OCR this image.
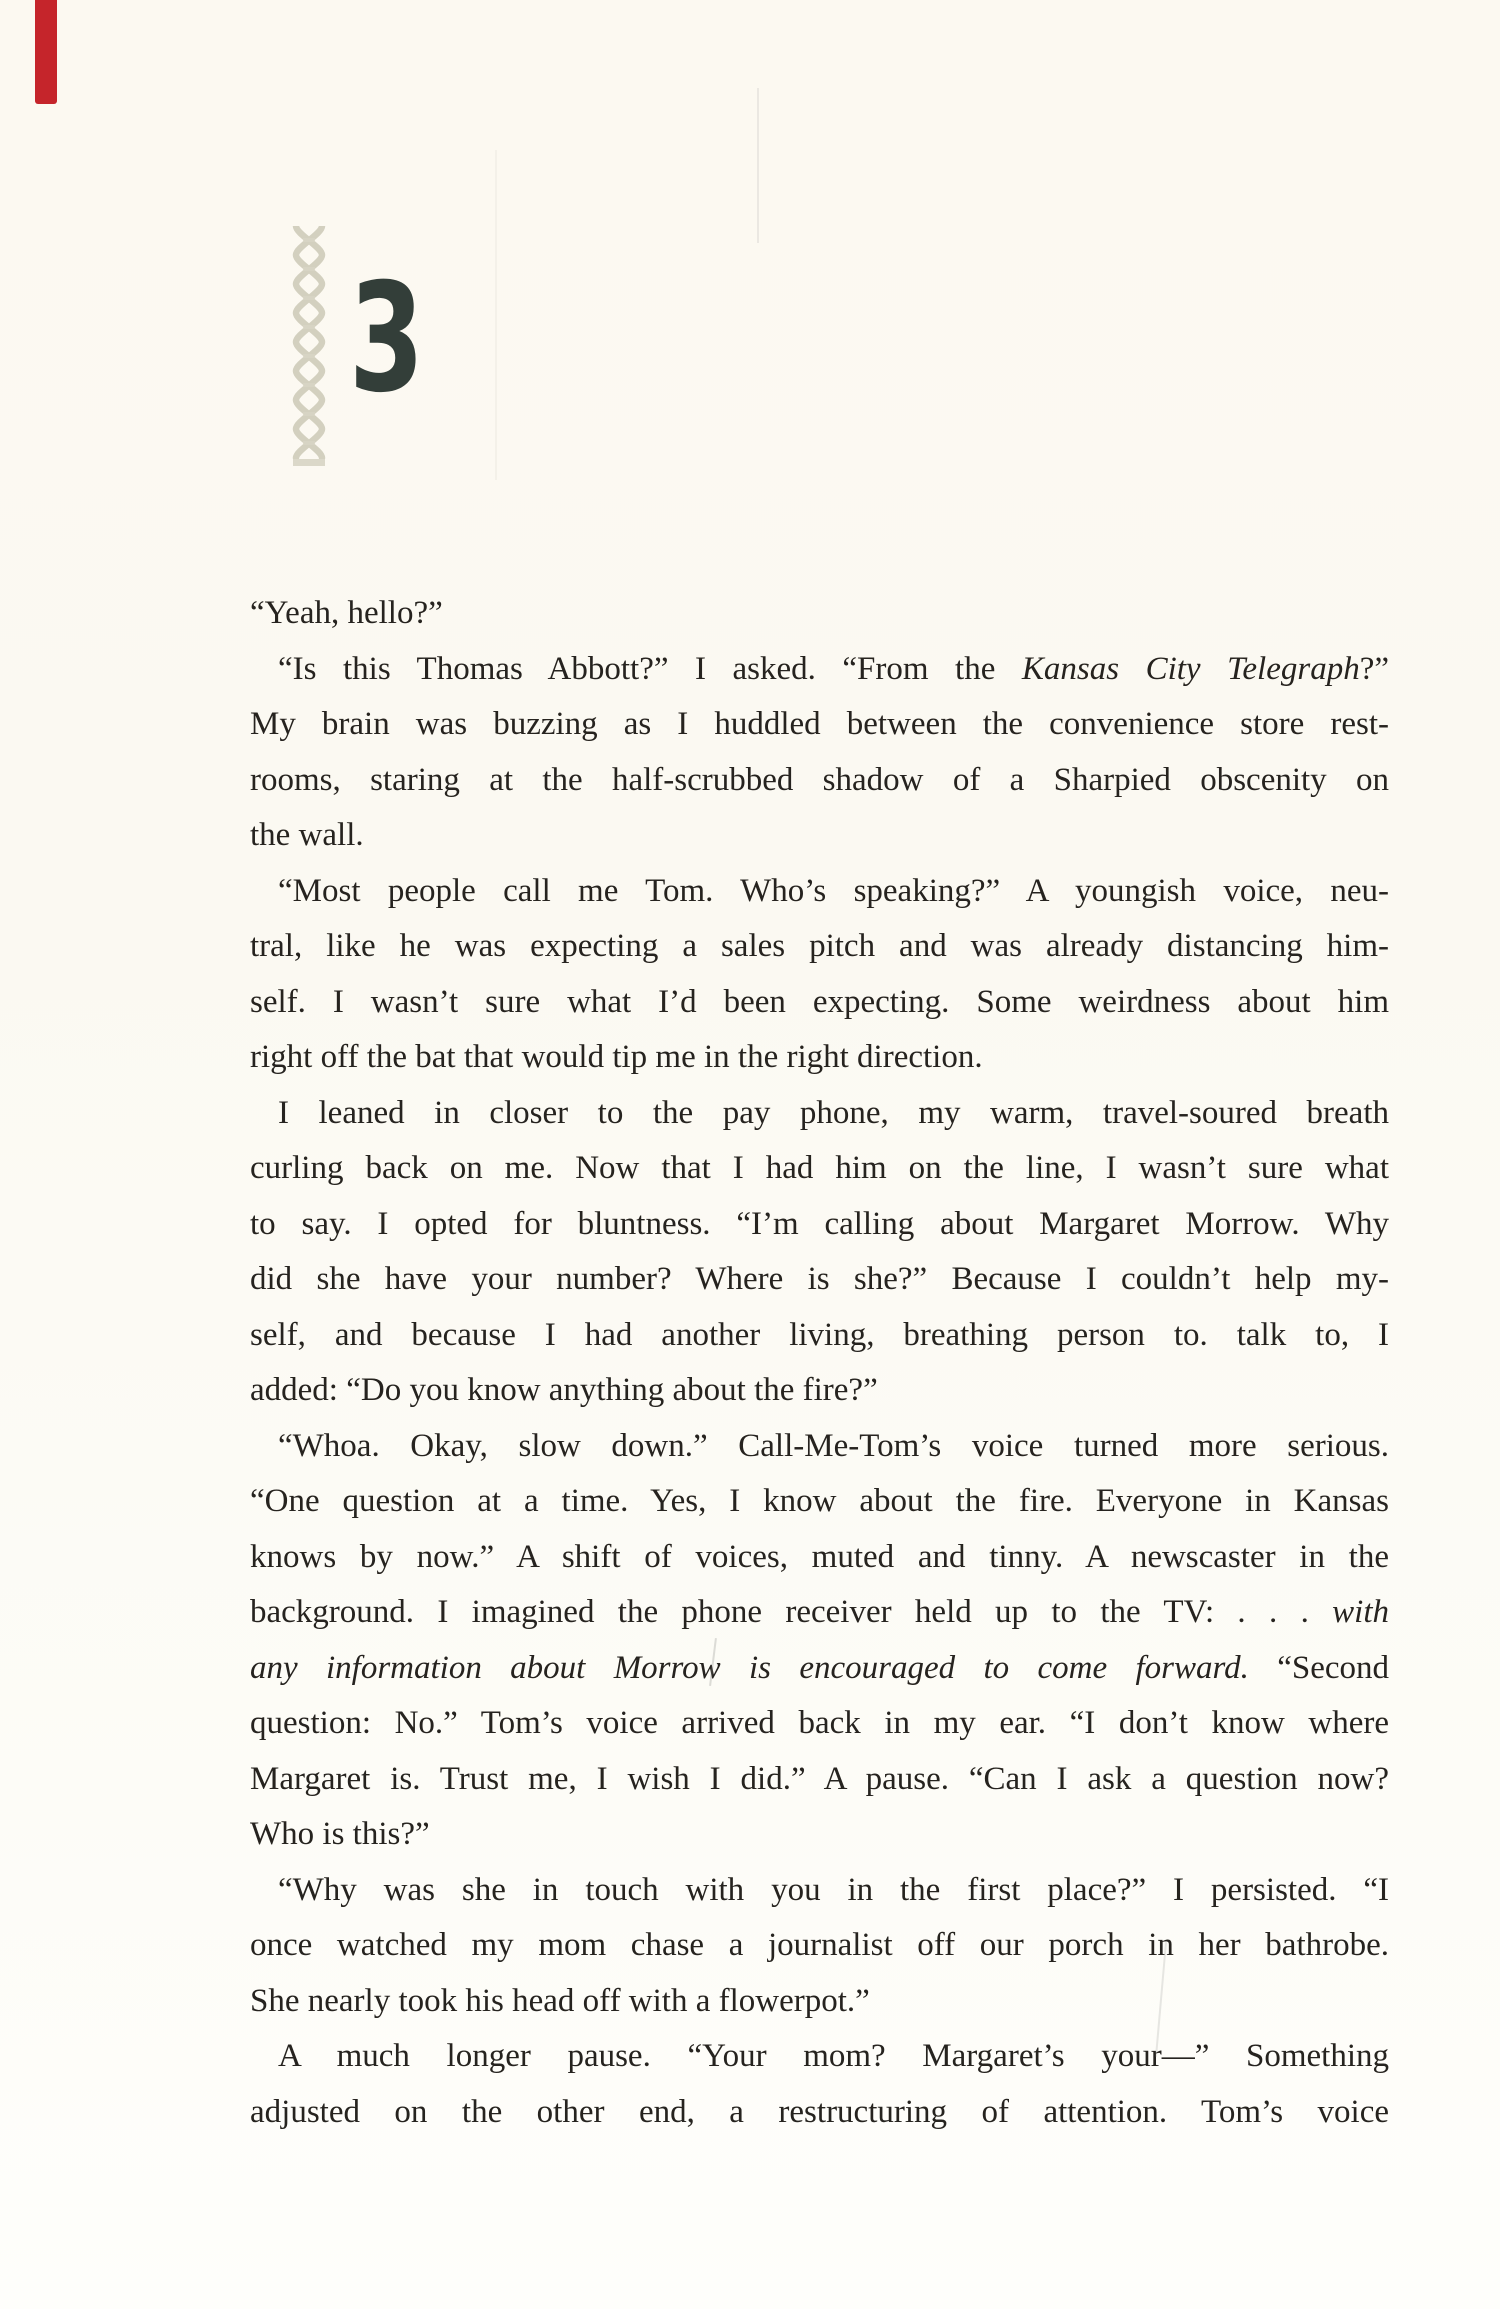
3
“Yeah, hello?”
“Is this Thomas Abbott?” I asked. “From the Kansas City Telegraph?”
My brain was buzzing as I huddled between the convenience store rest-
rooms, staring at the half-scrubbed shadow of a Sharpied obscenity on
the wall.
“Most people call me Tom. Who’s speaking?” A youngish voice, neu-
tral, like he was expecting a sales pitch and was already distancing him-
self. I wasn’t sure what I’d been expecting. Some weirdness about him
right off the bat that would tip me in the right direction.
I leaned in closer to the pay phone, my warm, travel-soured breath
curling back on me. Now that I had him on the line, I wasn’t sure what
to say. I opted for bluntness. “I’m calling about Margaret Morrow. Why
did she have your number? Where is she?” Because I couldn’t help my-
self, and because I had another living, breathing person to. talk to, I
added: “Do you know anything about the fire?”
“Whoa. Okay, slow down.” Call-Me-Tom’s voice turned more serious.
“One question at a time. Yes, I know about the fire. Everyone in Kansas
knows by now.” A shift of voices, muted and tinny. A newscaster in the
background. I imagined the phone receiver held up to the TV: . . . with
any information about Morrow is encouraged to come forward. “Second
question: No.” Tom’s voice arrived back in my ear. “I don’t know where
Margaret is. Trust me, I wish I did.” A pause. “Can I ask a question now?
Who is this?”
“Why was she in touch with you in the first place?” I persisted. “I
once watched my mom chase a journalist off our porch in her bathrobe.
She nearly took his head off with a flowerpot.”
A much longer pause. “Your mom? Margaret’s your—” Something
adjusted on the other end, a restructuring of attention. Tom’s voice
